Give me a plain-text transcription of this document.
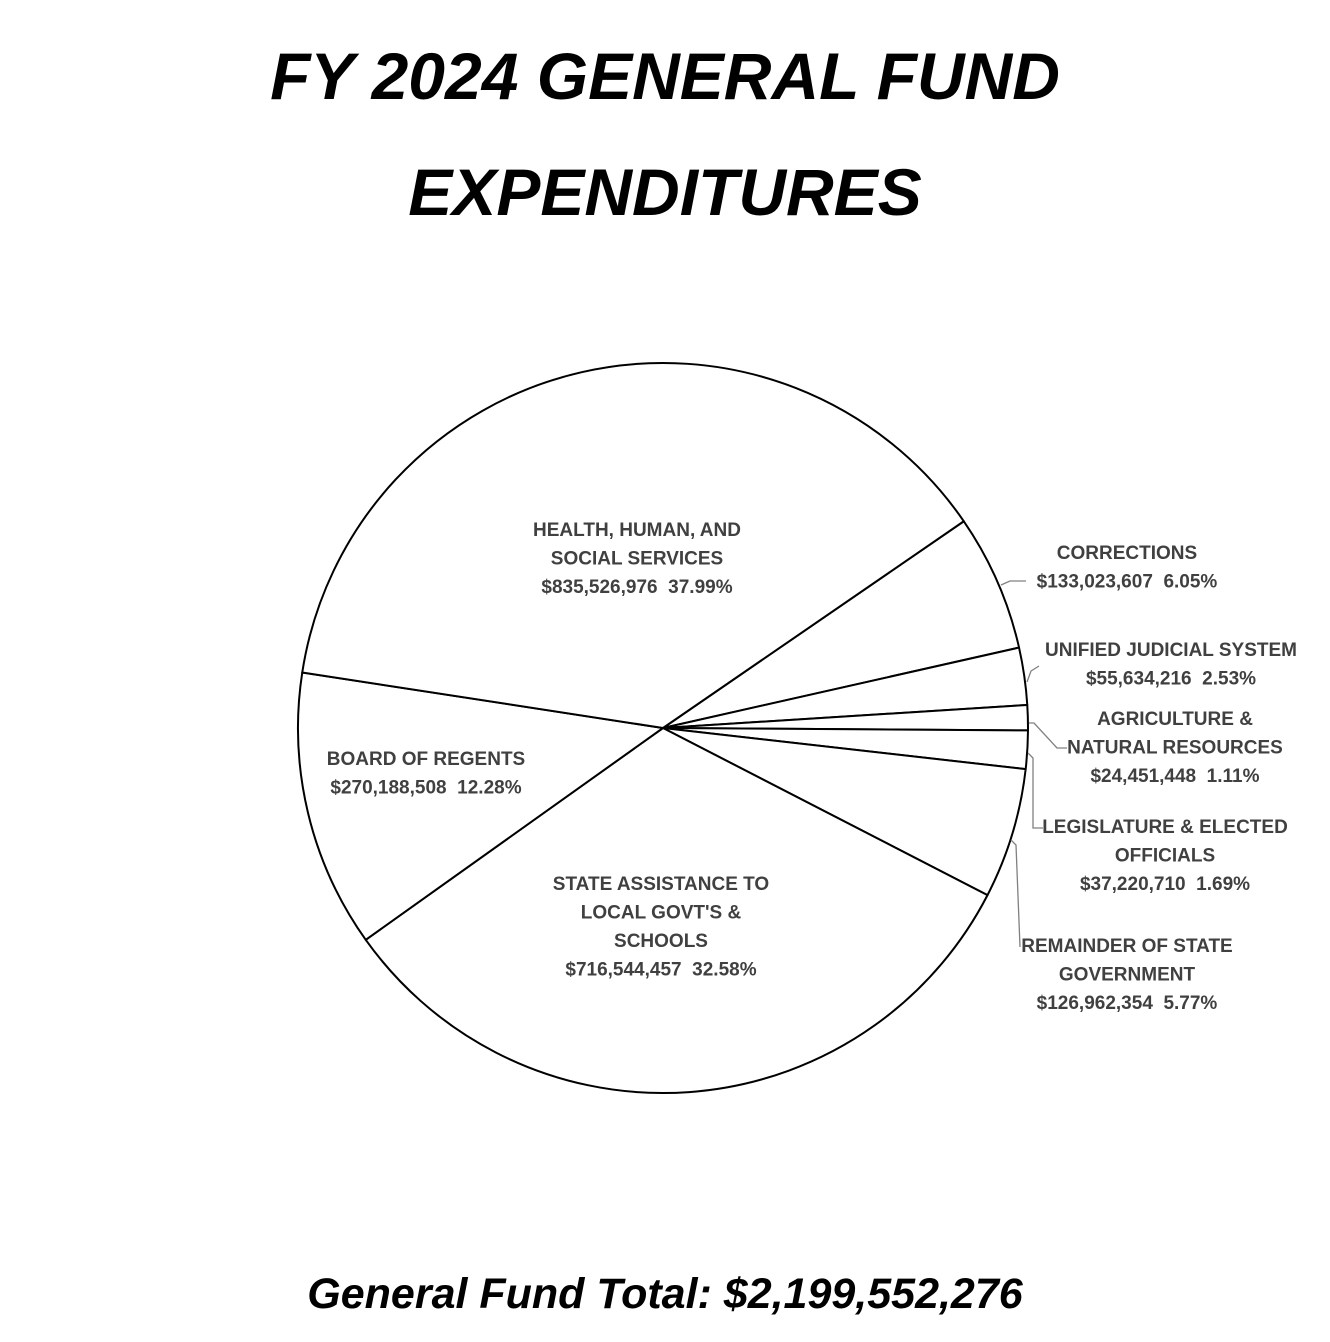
FY 2024 GENERAL FUND
EXPENDITURES
CORRECTIONS $133,023,607  6.05%
UNIFIED JUDICIAL SYSTEM $55,634,216  2.53%
AGRICULTURE & NATURAL RESOURCES $24,451,448  1.11%
LEGISLATURE & ELECTED OFFICIALS $37,220,710  1.69%
REMAINDER OF STATE GOVERNMENT $126,962,354  5.77%
STATE ASSISTANCE TO LOCAL GOVT'S & SCHOOLS $716,544,457  32.58%
BOARD OF REGENTS $270,188,508  12.28%
HEALTH, HUMAN, AND SOCIAL SERVICES $835,526,976  37.99%
General Fund Total: $2,199,552,276
